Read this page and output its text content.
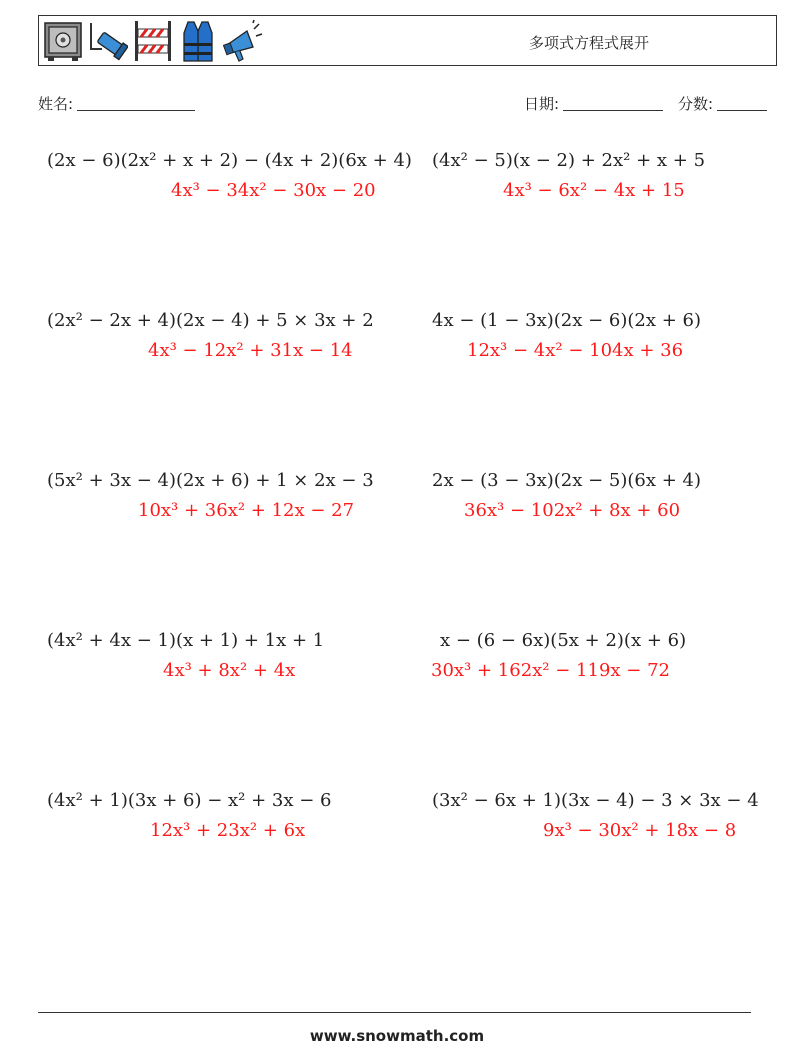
多项式方程式展开
姓名:	日期:	分数:
(2x − 6)(2x² + x + 2) − (4x + 2)(6x + 4)
4x³ − 34x² − 30x − 20
(4x² − 5)(x − 2) + 2x² + x + 5
4x³ − 6x² − 4x + 15
(2x² − 2x + 4)(2x − 4) + 5 × 3x + 2
4x³ − 12x² + 31x − 14
4x − (1 − 3x)(2x − 6)(2x + 6)
12x³ − 4x² − 104x + 36
(5x² + 3x − 4)(2x + 6) + 1 × 2x − 3
10x³ + 36x² + 12x − 27
2x − (3 − 3x)(2x − 5)(6x + 4)
36x³ − 102x² + 8x + 60
(4x² + 4x − 1)(x + 1) + 1x + 1
4x³ + 8x² + 4x
x − (6 − 6x)(5x + 2)(x + 6)
30x³ + 162x² − 119x − 72
(4x² + 1)(3x + 6) − x² + 3x − 6
12x³ + 23x² + 6x
(3x² − 6x + 1)(3x − 4) − 3 × 3x − 4
9x³ − 30x² + 18x − 8
www.snowmath.com
